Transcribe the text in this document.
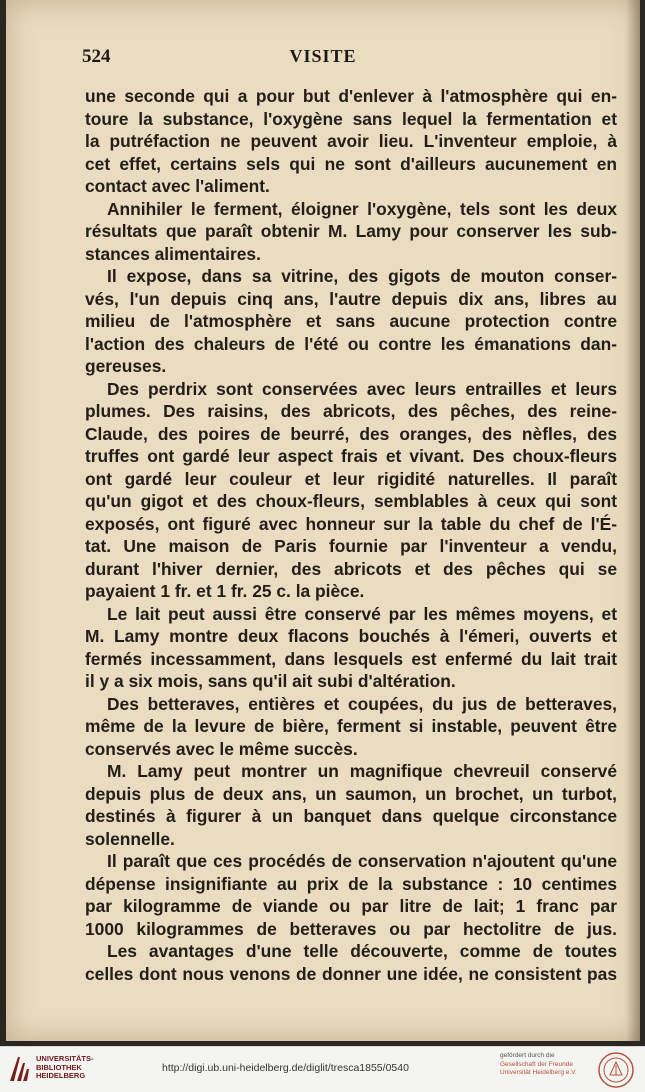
524	VISITE
une seconde qui a pour but d'enlever à l'atmosphère qui en-
toure la substance, l'oxygène sans lequel la fermentation et
la putréfaction ne peuvent avoir lieu. L'inventeur emploie, à
cet effet, certains sels qui ne sont d'ailleurs aucunement en
contact avec l'aliment.
Annihiler le ferment, éloigner l'oxygène, tels sont les deux
résultats que paraît obtenir M. Lamy pour conserver les sub-
stances alimentaires.
Il expose, dans sa vitrine, des gigots de mouton conser-
vés, l'un depuis cinq ans, l'autre depuis dix ans, libres au
milieu de l'atmosphère et sans aucune protection contre
l'action des chaleurs de l'été ou contre les émanations dan-
gereuses.
Des perdrix sont conservées avec leurs entrailles et leurs
plumes. Des raisins, des abricots, des pêches, des reine-
Claude, des poires de beurré, des oranges, des nèfles, des
truffes ont gardé leur aspect frais et vivant. Des choux-fleurs
ont gardé leur couleur et leur rigidité naturelles. Il paraît
qu'un gigot et des choux-fleurs, semblables à ceux qui sont
exposés, ont figuré avec honneur sur la table du chef de l'É-
tat. Une maison de Paris fournie par l'inventeur a vendu,
durant l'hiver dernier, des abricots et des pêches qui se
payaient 1 fr. et 1 fr. 25 c. la pièce.
Le lait peut aussi être conservé par les mêmes moyens, et
M. Lamy montre deux flacons bouchés à l'émeri, ouverts et
fermés incessamment, dans lesquels est enfermé du lait trait
il y a six mois, sans qu'il ait subi d'altération.
Des betteraves, entières et coupées, du jus de betteraves,
même de la levure de bière, ferment si instable, peuvent être
conservés avec le même succès.
M. Lamy peut montrer un magnifique chevreuil conservé
depuis plus de deux ans, un saumon, un brochet, un turbot,
destinés à figurer à un banquet dans quelque circonstance
solennelle.
Il paraît que ces procédés de conservation n'ajoutent qu'une
dépense insignifiante au prix de la substance : 10 centimes
par kilogramme de viande ou par litre de lait; 1 franc par
1000 kilogrammes de betteraves ou par hectolitre de jus.
Les avantages d'une telle découverte, comme de toutes
celles dont nous venons de donner une idée, ne consistent pas
UNIVERSITÄTS-
BIBLIOTHEK
HEIDELBERG
http://digi.ub.uni-heidelberg.de/diglit/tresca1855/0540
gefördert durch die
Gesellschaft der Freunde
Universität Heidelberg e.V.
